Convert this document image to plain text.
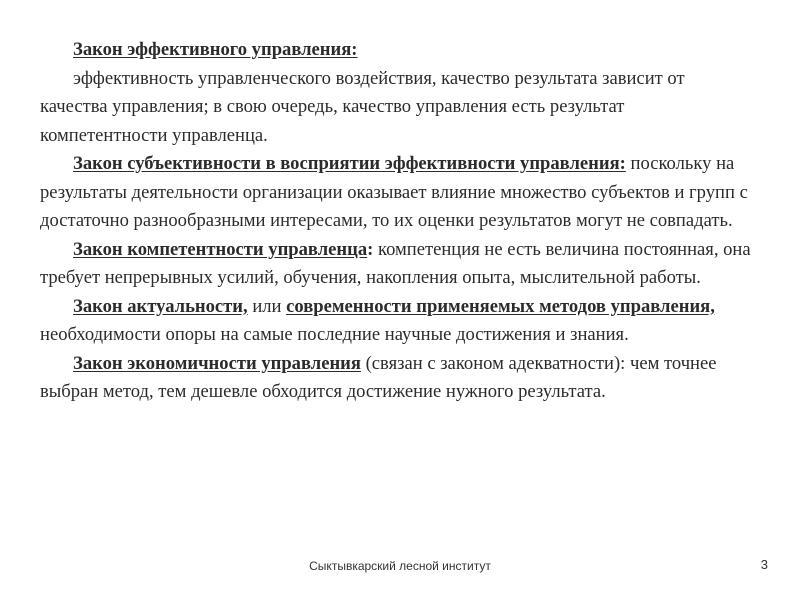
Закон эффективного управления:

эффективность управленческого воздействия, качество результата зависит от качества управления; в свою очередь, качество управления есть результат компетентности управленца.

Закон субъективности в восприятии эффективности управления: поскольку на результаты деятельности организации оказывает влияние множество субъектов и групп с достаточно разнообразными интересами, то их оценки результатов могут не совпадать.

Закон компетентности управленца: компетенция не есть величина постоянная, она требует непрерывных усилий, обучения, накопления опыта, мыслительной работы.

Закон актуальности, или современности применяемых методов управления, необходимости опоры на самые последние научные достижения и знания.

Закон экономичности управления (связан с законом адекватности): чем точнее выбран метод, тем дешевле обходится достижение нужного результата.

Сыктывкарский лесной институт	3
